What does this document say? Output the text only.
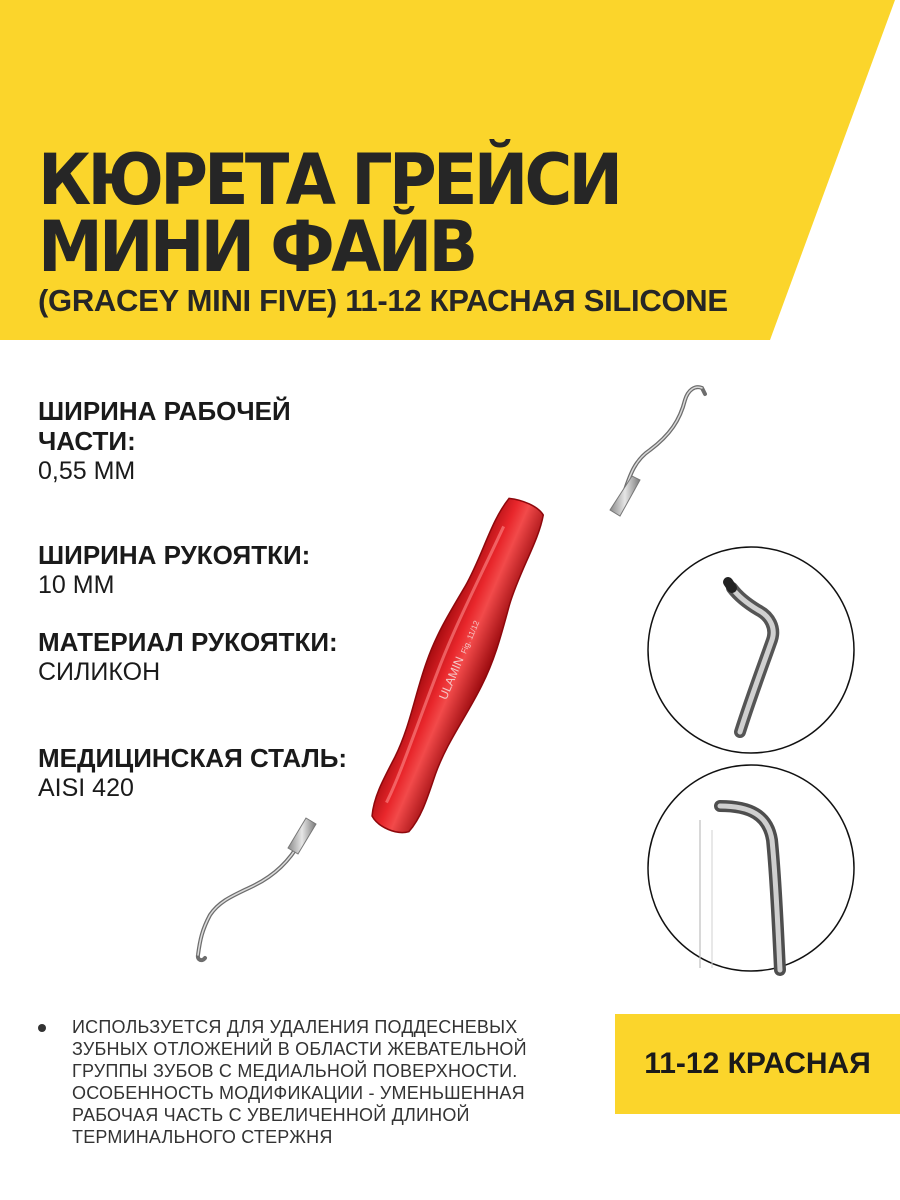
КЮРЕТА ГРЕЙСИ
МИНИ ФАЙВ
(GRACEY MINI FIVE) 11-12 КРАСНАЯ SILICONE

ШИРИНА РАБОЧЕЙ ЧАСТИ:

0,55 ММ

ШИРИНА РУКОЯТКИ:

10 ММ

МАТЕРИАЛ РУКОЯТКИ:

СИЛИКОН

МЕДИЦИНСКАЯ СТАЛЬ:

AISI 420

ULAMIN
Fig. 11/12

ИСПОЛЬЗУЕТСЯ ДЛЯ УДАЛЕНИЯ ПОДДЕСНЕВЫХ ЗУБНЫХ ОТЛОЖЕНИЙ В ОБЛАСТИ ЖЕВАТЕЛЬНОЙ ГРУППЫ ЗУБОВ С МЕДИАЛЬНОЙ ПОВЕРХНОСТИ. ОСОБЕННОСТЬ МОДИФИКАЦИИ - УМЕНЬШЕННАЯ РАБОЧАЯ ЧАСТЬ С УВЕЛИЧЕННОЙ ДЛИНОЙ ТЕРМИНАЛЬНОГО СТЕРЖНЯ

11-12 КРАСНАЯ
